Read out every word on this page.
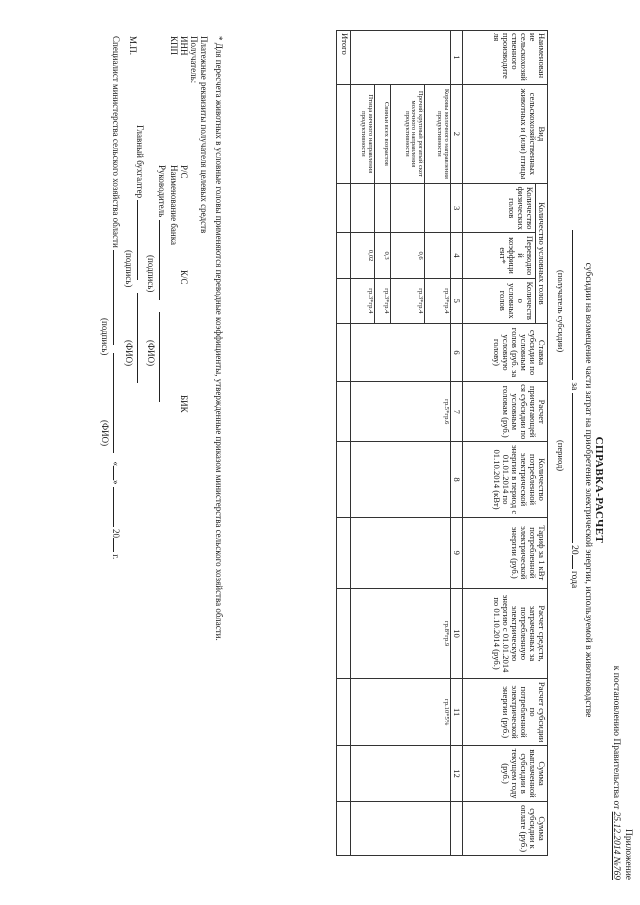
Приложение
к постановлению Правительства от 25.12.2014 №769
СПРАВКА-РАСЧЕТ
субсидии на возмещение части затрат на приобретение электрической энергии, используемой в животноводстве
за  20 года
(получатель субсидии)
(период)
Наименование сельскохозяйственного производителя	Вид сельскохозяйственных животных и (или) птицы	Количество условных голов			Ставка субсидии по условным голов (руб. за условную голову)	Расчет причитающейся субсидии по условным головам (руб.)	Количество потребленной электрической энергии в период с 01.01.2014 по 01.10.2014 (кВт)	Тариф за 1 кВт потребленной электрической энергии (руб.)	Расчет средств, затраченных за потребленную электрическую энергию с 01.01.2014 по 01.10.2014 (руб.)	Расчет субсидии по потребленной электрической энергии (руб.)	Сумма выплаченной субсидии в текущем году (руб.)	Сумма субсидии к оплате (руб.)
		Количество физических голов	Переводной коэффициент*	Количество условных голов								
1	2	3	4	5	6	7	8	9	10	11	12	
	Коровы молочного направления продуктивности			гр.3*гр.4		гр.5*гр.6			гр.8*гр.9	гр.10*5%		
	Прочий крупный рогатый скот молочного направления продуктивности		0,6	гр.3*гр.4								
	Свиньи всех возрастов		0,3	гр.3*гр.4								
	Птица яичного направления продуктивности		0,02	гр.3*гр.4								
Итого												
* Для пересчета животных в условные головы применяются переводные коэффициенты, утвержденные приказом министерства сельского хозяйства области.
Платежные реквизиты получателя целевых средств
Получатель:
ИНН
Р/С
К/С
БИК
КПП
Наименование банка
Руководитель
(подпись)
(ФИО)
Главный бухгалтер
(подпись)
(ФИО)
М.П.
Специалист министерства сельского хозяйства области   «»  20 г.
(подпись)
(ФИО)
